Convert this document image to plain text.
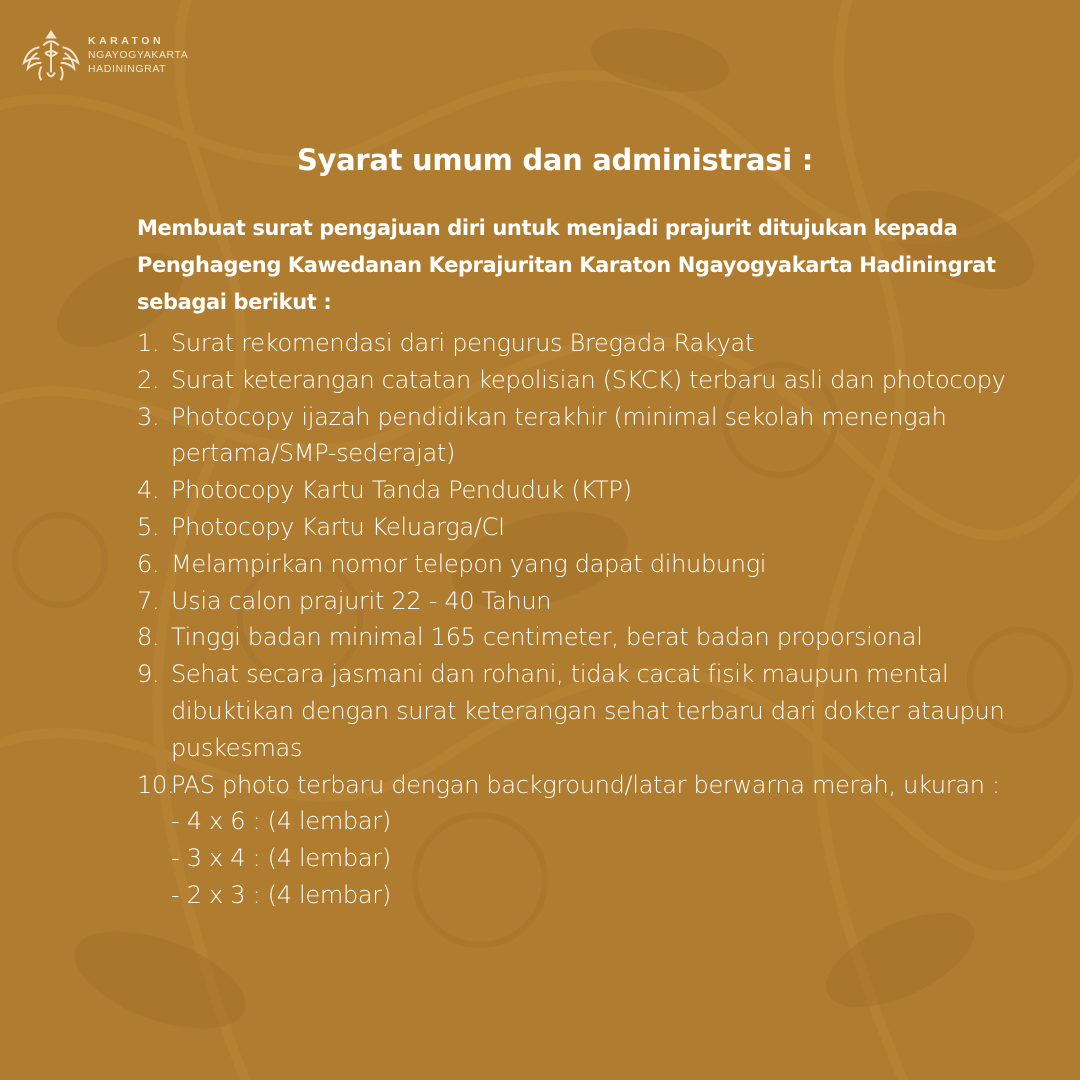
KARATON
NGAYOGYAKARTA
HADININGRAT
Syarat umum dan administrasi :
Membuat surat pengajuan diri untuk menjadi prajurit ditujukan kepada Penghageng Kawedanan Keprajuritan Karaton Ngayogyakarta Hadiningrat sebagai berikut :
1. Surat rekomendasi dari pengurus Bregada Rakyat
2. Surat keterangan catatan kepolisian (SKCK) terbaru asli dan photocopy
3. Photocopy ijazah pendidikan terakhir (minimal sekolah menengah pertama/SMP-sederajat)
4. Photocopy Kartu Tanda Penduduk (KTP)
5. Photocopy Kartu Keluarga/CI
6. Melampirkan nomor telepon yang dapat dihubungi
7. Usia calon prajurit 22 - 40 Tahun
8. Tinggi badan minimal 165 centimeter, berat badan proporsional
9. Sehat secara jasmani dan rohani, tidak cacat fisik maupun mental dibuktikan dengan surat keterangan sehat terbaru dari dokter ataupun puskesmas
10.
PAS photo terbaru dengan background/latar berwarna merah, ukuran :
- 4 x 6 : (4 lembar)
- 3 x 4 : (4 lembar)
- 2 x 3 : (4 lembar)
